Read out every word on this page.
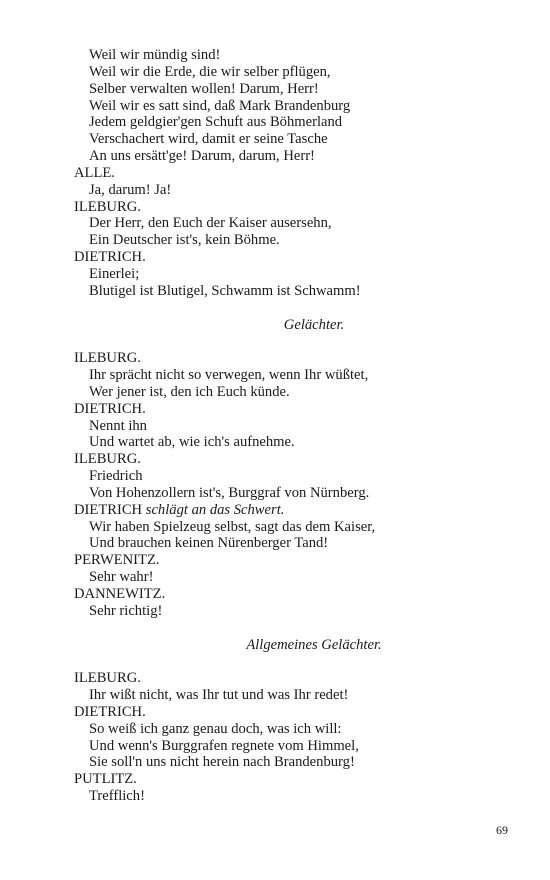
Weil wir mündig sind!
Weil wir die Erde, die wir selber pflügen,
Selber verwalten wollen! Darum, Herr!
Weil wir es satt sind, daß Mark Brandenburg
Jedem geldgier'gen Schuft aus Böhmerland
Verschachert wird, damit er seine Tasche
An uns ersätt'ge! Darum, darum, Herr!
ALLE.
Ja, darum! Ja!
ILEBURG.
Der Herr, den Euch der Kaiser ausersehn,
Ein Deutscher ist's, kein Böhme.
DIETRICH.
Einerlei;
Blutigel ist Blutigel, Schwamm ist Schwamm!
Gelächter.
ILEBURG.
Ihr sprächt nicht so verwegen, wenn Ihr wüßtet,
Wer jener ist, den ich Euch künde.
DIETRICH.
Nennt ihn
Und wartet ab, wie ich's aufnehme.
ILEBURG.
Friedrich
Von Hohenzollern ist's, Burggraf von Nürnberg.
DIETRICH schlägt an das Schwert.
Wir haben Spielzeug selbst, sagt das dem Kaiser,
Und brauchen keinen Nürenberger Tand!
PERWENITZ.
Sehr wahr!
DANNEWITZ.
Sehr richtig!
Allgemeines Gelächter.
ILEBURG.
Ihr wißt nicht, was Ihr tut und was Ihr redet!
DIETRICH.
So weiß ich ganz genau doch, was ich will:
Und wenn's Burggrafen regnete vom Himmel,
Sie soll'n uns nicht herein nach Brandenburg!
PUTLITZ.
Trefflich!
69
